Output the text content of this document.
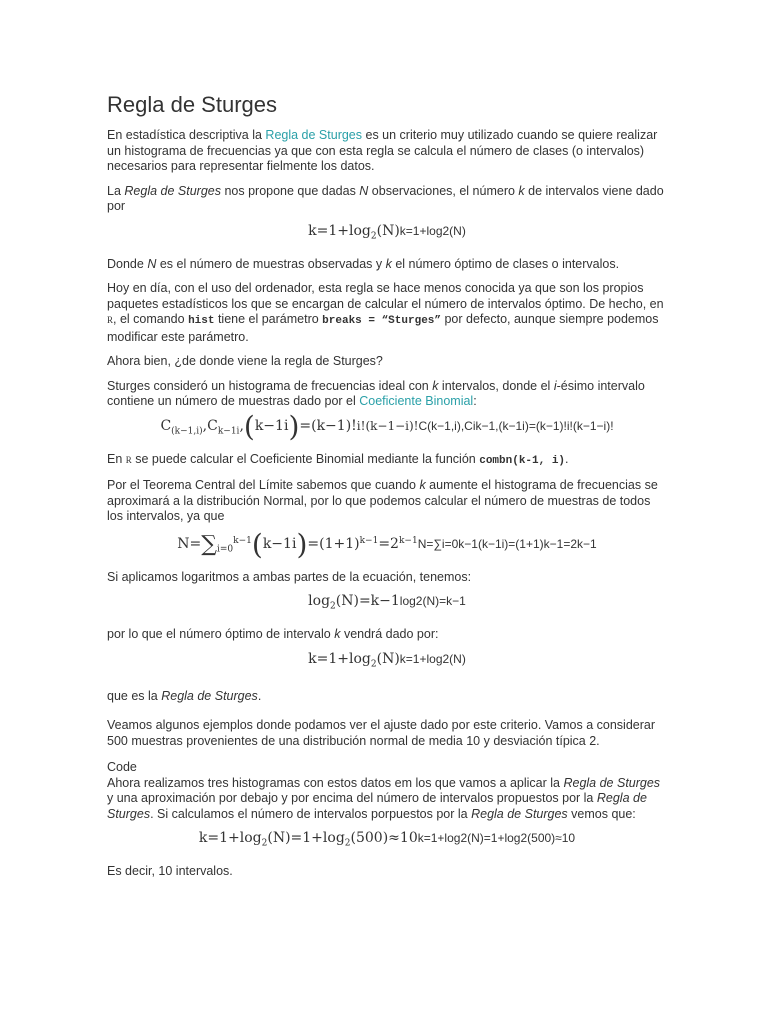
Regla de Sturges

En estadística descriptiva la Regla de Sturges es un criterio muy utilizado cuando se quiere realizar un histograma de frecuencias ya que con esta regla se calcula el número de clases (o intervalos) necesarios para representar fielmente los datos.

La Regla de Sturges nos propone que dadas N observaciones, el número k de intervalos viene dado por

$k=1+\log_2(N)k=1+\log 2(N)$

Donde N es el número de muestras observadas y k el número óptimo de clases o intervalos.

Hoy en día, con el uso del ordenador, esta regla se hace menos conocida ya que son los propios paquetes estadísticos los que se encargan de calcular el número de intervalos óptimo. De hecho, en R, el comando hist tiene el parámetro breaks = “Sturges” por defecto, aunque siempre podemos modificar este parámetro.

Ahora bien, ¿de donde viene la regla de Sturges?

Sturges consideró un histograma de frecuencias ideal con k intervalos, donde el i-ésimo intervalo contiene un número de muestras dado por el Coeficiente Binomial:

$C_{(k-1,i)},C_{k-1i},(k-1i)=(k-1)!i!(k-1-i)!C(k-1,i),Cik-1,(k-1i)=(k-1)!i!(k-1-i)$!

En R se puede calcular el Coeficiente Binomial mediante la función combn(k-1, i).

Por el Teorema Central del Límite sabemos que cuando k aumente el histograma de frecuencias se aproximará a la distribución Normal, por lo que podemos calcular el número de muestras de todos los intervalos, ya que

$N=\sum_{i=0}^{k-1}(k-1i)=(1+1)^{k-1}=2^{k-1}N=\sum i=0k-1(k-1i)=(1+1)k-1=2k-1$

Si aplicamos logaritmos a ambas partes de la ecuación, tenemos:

$\log_2(N)=k-1\log 2(N)=k-1$

por lo que el número óptimo de intervalo k vendrá dado por:

$k=1+\log_2(N)k=1+\log 2(N)$

que es la Regla de Sturges.

Veamos algunos ejemplos donde podamos ver el ajuste dado por este criterio. Vamos a considerar 500 muestras provenientes de una distribución normal de media 10 y desviación típica 2.

Code
Ahora realizamos tres histogramas con estos datos em los que vamos a aplicar la Regla de Sturges y una aproximación por debajo y por encima del número de intervalos propuestos por la Regla de Sturges. Si calculamos el número de intervalos porpuestos por la Regla de Sturges vemos que:

$k=1+\log_2(N)=1+\log_2(500)\approx 10k=1+\log 2(N)=1+\log 2(500)\approx 10$

Es decir, 10 intervalos.
